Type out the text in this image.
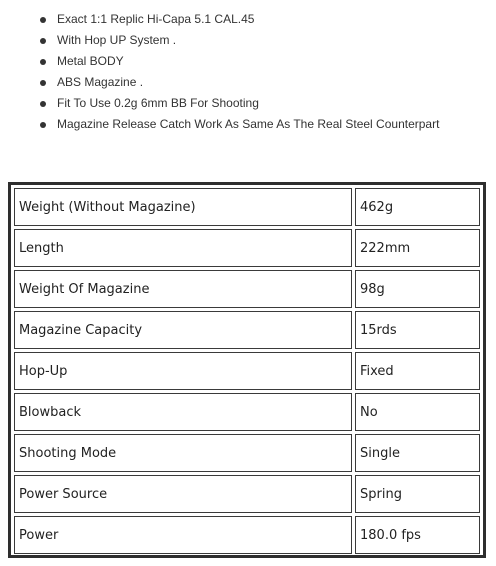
Exact 1:1 Replic Hi-Capa 5.1 CAL.45
With Hop UP System .
Metal BODY
ABS Magazine .
Fit To Use 0.2g 6mm BB For Shooting
Magazine Release Catch Work As Same As The Real Steel Counterpart
Weight (Without Magazine)	462g
Length	222mm
Weight Of Magazine	98g
Magazine Capacity	15rds
Hop-Up	Fixed
Blowback	No
Shooting Mode	Single
Power Source	Spring
Power	180.0 fps
